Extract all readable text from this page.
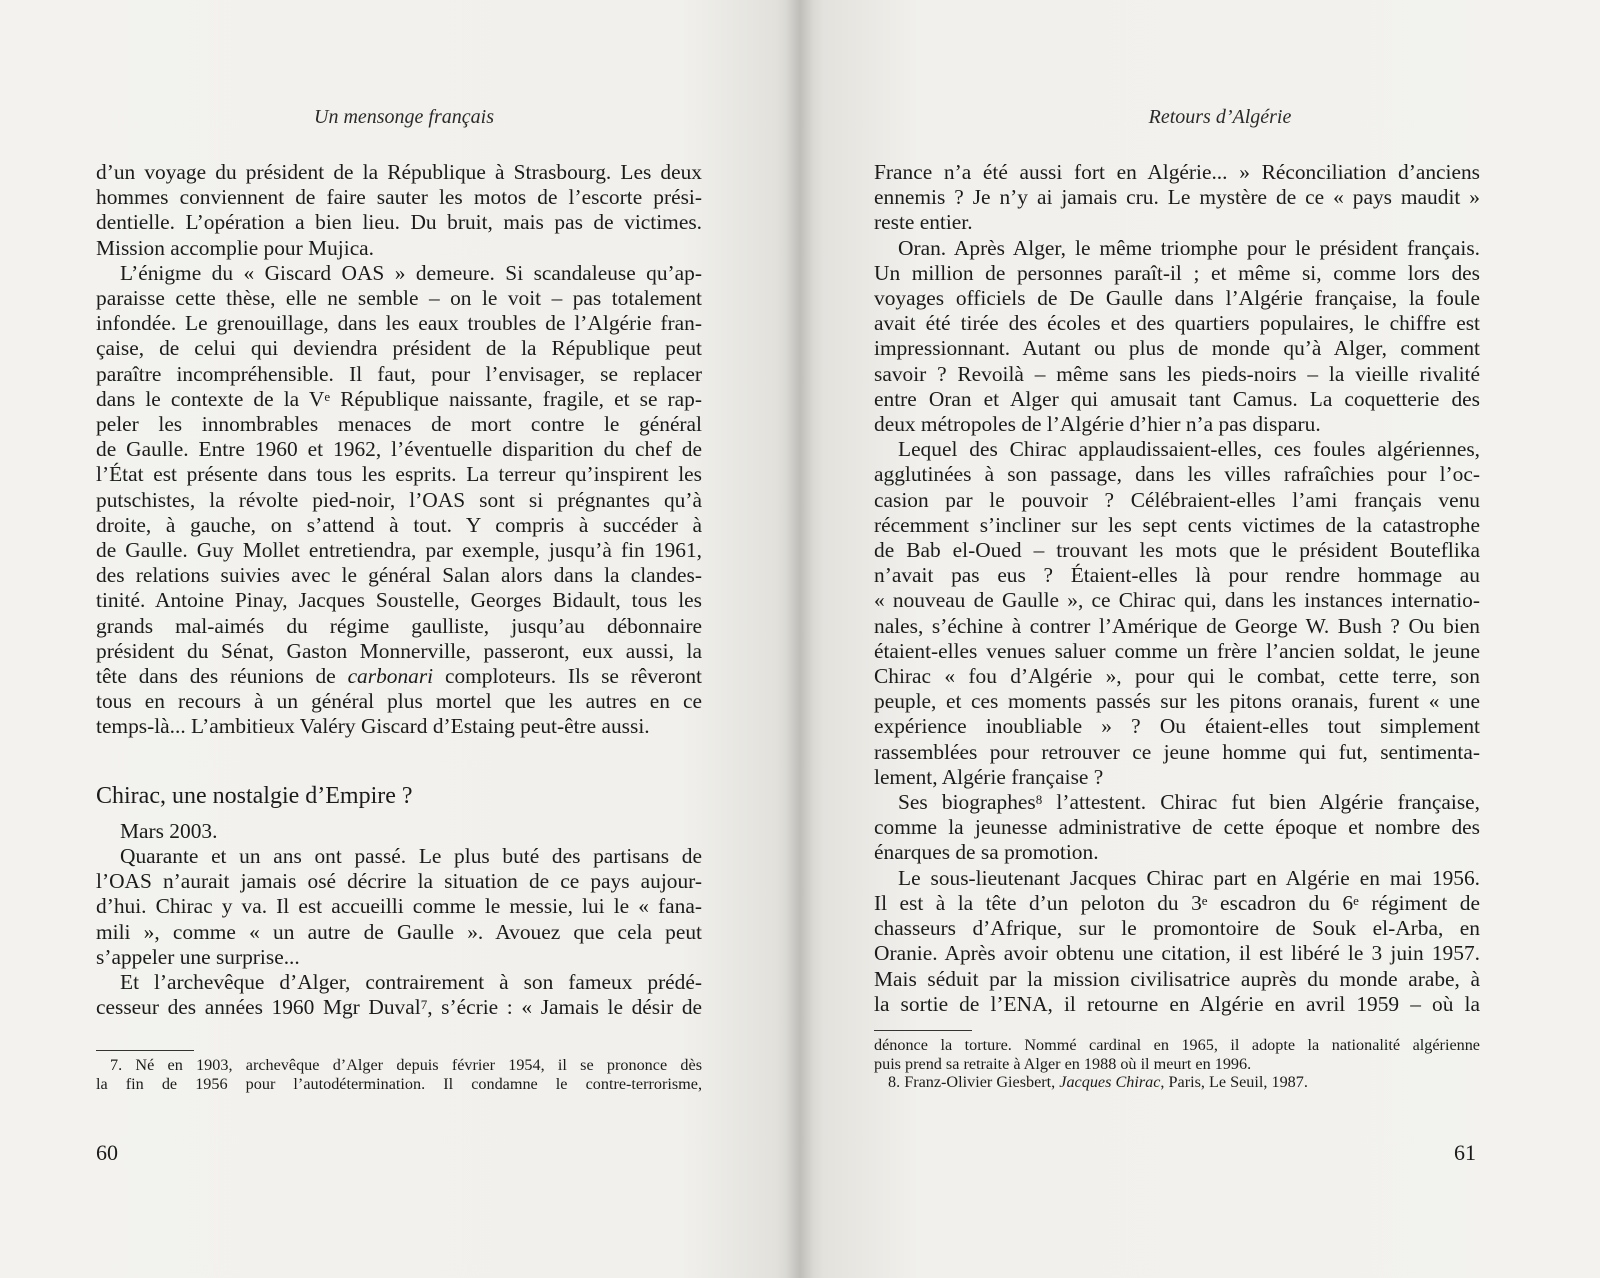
Un mensonge français

d’un voyage du président de la République à Strasbourg. Les deux
hommes conviennent de faire sauter les motos de l’escorte prési-
dentielle. L’opération a bien lieu. Du bruit, mais pas de victimes.
Mission accomplie pour Mujica.

L’énigme du « Giscard OAS » demeure. Si scandaleuse qu’ap-
paraisse cette thèse, elle ne semble – on le voit – pas totalement
infondée. Le grenouillage, dans les eaux troubles de l’Algérie fran-
çaise, de celui qui deviendra président de la République peut
paraître incompréhensible. Il faut, pour l’envisager, se replacer
dans le contexte de la Ve République naissante, fragile, et se rap-
peler les innombrables menaces de mort contre le général
de Gaulle. Entre 1960 et 1962, l’éventuelle disparition du chef de
l’État est présente dans tous les esprits. La terreur qu’inspirent les
putschistes, la révolte pied-noir, l’OAS sont si prégnantes qu’à
droite, à gauche, on s’attend à tout. Y compris à succéder à
de Gaulle. Guy Mollet entretiendra, par exemple, jusqu’à fin 1961,
des relations suivies avec le général Salan alors dans la clandes-
tinité. Antoine Pinay, Jacques Soustelle, Georges Bidault, tous les
grands mal-aimés du régime gaulliste, jusqu’au débonnaire
président du Sénat, Gaston Monnerville, passeront, eux aussi, la
tête dans des réunions de carbonari comploteurs. Ils se rêveront
tous en recours à un général plus mortel que les autres en ce
temps-là... L’ambitieux Valéry Giscard d’Estaing peut-être aussi.

Chirac, une nostalgie d’Empire ?

Mars 2003.

Quarante et un ans ont passé. Le plus buté des partisans de
l’OAS n’aurait jamais osé décrire la situation de ce pays aujour-
d’hui. Chirac y va. Il est accueilli comme le messie, lui le « fana-
mili », comme « un autre de Gaulle ». Avouez que cela peut
s’appeler une surprise...

Et l’archevêque d’Alger, contrairement à son fameux prédé-
cesseur des années 1960 Mgr Duval$^7$, s’écrie : « Jamais le désir de

7. Né en 1903, archevêque d’Alger depuis février 1954, il se prononce dès
la fin de 1956 pour l’autodétermination. Il condamne le contre-terrorisme,
60
Retours d’Algérie

France n’a été aussi fort en Algérie... » Réconciliation d’anciens
ennemis ? Je n’y ai jamais cru. Le mystère de ce « pays maudit »
reste entier.

Oran. Après Alger, le même triomphe pour le président français.
Un million de personnes paraît-il ; et même si, comme lors des
voyages officiels de De Gaulle dans l’Algérie française, la foule
avait été tirée des écoles et des quartiers populaires, le chiffre est
impressionnant. Autant ou plus de monde qu’à Alger, comment
savoir ? Revoilà – même sans les pieds-noirs – la vieille rivalité
entre Oran et Alger qui amusait tant Camus. La coquetterie des
deux métropoles de l’Algérie d’hier n’a pas disparu.

Lequel des Chirac applaudissaient-elles, ces foules algériennes,
agglutinées à son passage, dans les villes rafraîchies pour l’oc-
casion par le pouvoir ? Célébraient-elles l’ami français venu
récemment s’incliner sur les sept cents victimes de la catastrophe
de Bab el-Oued – trouvant les mots que le président Bouteflika
n’avait pas eus ? Étaient-elles là pour rendre hommage au
« nouveau de Gaulle », ce Chirac qui, dans les instances internatio-
nales, s’échine à contrer l’Amérique de George W. Bush ? Ou bien
étaient-elles venues saluer comme un frère l’ancien soldat, le jeune
Chirac « fou d’Algérie », pour qui le combat, cette terre, son
peuple, et ces moments passés sur les pitons oranais, furent « une
expérience inoubliable » ? Ou étaient-elles tout simplement
rassemblées pour retrouver ce jeune homme qui fut, sentimenta-
lement, Algérie française ?

Ses biographes$^8$ l’attestent. Chirac fut bien Algérie française,
comme la jeunesse administrative de cette époque et nombre des
énarques de sa promotion.

Le sous-lieutenant Jacques Chirac part en Algérie en mai 1956.
Il est à la tête d’un peloton du 3e escadron du 6e régiment de
chasseurs d’Afrique, sur le promontoire de Souk el-Arba, en
Oranie. Après avoir obtenu une citation, il est libéré le 3 juin 1957.
Mais séduit par la mission civilisatrice auprès du monde arabe, à
la sortie de l’ENA, il retourne en Algérie en avril 1959 – où la

dénonce la torture. Nommé cardinal en 1965, il adopte la nationalité algérienne
puis prend sa retraite à Alger en 1988 où il meurt en 1996.
8. Franz-Olivier Giesbert, Jacques Chirac, Paris, Le Seuil, 1987.
61
